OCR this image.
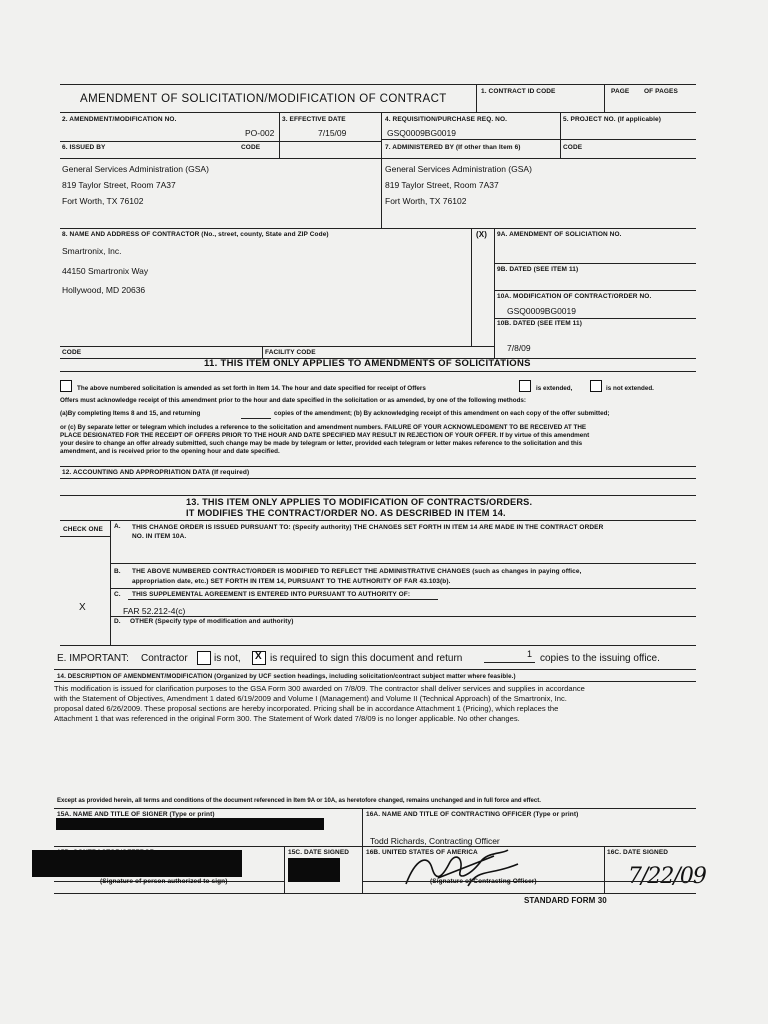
AMENDMENT OF SOLICITATION/MODIFICATION OF CONTRACT
1. CONTRACT ID CODE	PAGE OF PAGES
2. AMENDMENT/MODIFICATION NO.
PO-002
3. EFFECTIVE DATE
7/15/09
4. REQUISITION/PURCHASE REQ. NO.
GSQ0009BG0019
5. PROJECT NO. (If applicable)
6. ISSUED BY	CODE	7. ADMINISTERED BY (If other than Item 6)	CODE
General Services Administration (GSA)
819 Taylor Street, Room 7A37
Fort Worth, TX 76102
General Services Administration (GSA)
819 Taylor Street, Room 7A37
Fort Worth, TX 76102
8. NAME AND ADDRESS OF CONTRACTOR (No., street, county, State and ZIP Code)
Smartronix, Inc.
44150 Smartronix Way
Hollywood, MD 20636
(X) 9A. AMENDMENT OF SOLICIATION NO.
9B. DATED (SEE ITEM 11)
10A. MODIFICATION OF CONTRACT/ORDER NO.
GSQ0009BG0019
10B. DATED (SEE ITEM 11)
7/8/09
CODE	FACILITY CODE
11. THIS ITEM ONLY APPLIES TO AMENDMENTS OF SOLICITATIONS
The above numbered solicitation is amended as set forth in Item 14. The hour and date specified for receipt of Offers	is extended,	is not extended.
Offers must acknowledge receipt of this amendment prior to the hour and date specified in the solicitation or as amended, by one of the following methods:
(a)By completing Items 8 and 15, and returning	copies of the amendment; (b) By acknowledging receipt of this amendment on each copy of the offer submitted;
or (c) By separate letter or telegram which includes a reference to the solicitation and amendment numbers. FAILURE OF YOUR ACKNOWLEDGMENT TO BE RECEIVED AT THE
PLACE DESIGNATED FOR THE RECEIPT OF OFFERS PRIOR TO THE HOUR AND DATE SPECIFIED MAY RESULT IN REJECTION OF YOUR OFFER. If by virtue of this amendment
your desire to change an offer already submitted, such change may be made by telegram or letter, provided each telegram or letter makes reference to the solicitation and this
amendment, and is received prior to the opening hour and date specified.
12. ACCOUNTING AND APPROPRIATION DATA (If required)
13. THIS ITEM ONLY APPLIES TO MODIFICATION OF CONTRACTS/ORDERS.
IT MODIFIES THE CONTRACT/ORDER NO. AS DESCRIBED IN ITEM 14.
CHECK ONE A. THIS CHANGE ORDER IS ISSUED PURSUANT TO: (Specify authority) THE CHANGES SET FORTH IN ITEM 14 ARE MADE IN THE CONTRACT ORDER
NO. IN ITEM 10A.
B. THE ABOVE NUMBERED CONTRACT/ORDER IS MODIFIED TO REFLECT THE ADMINISTRATIVE CHANGES (such as changes in paying office,
appropriation date, etc.) SET FORTH IN ITEM 14, PURSUANT TO THE AUTHORITY OF FAR 43.103(b).
C. THIS SUPPLEMENTAL AGREEMENT IS ENTERED INTO PURSUANT TO AUTHORITY OF:
X	FAR 52.212-4(c)
D. OTHER (Specify type of modification and authority)
E. IMPORTANT: Contractor	is not, X is required to sign this document and return	1 copies to the issuing office.
14. DESCRIPTION OF AMENDMENT/MODIFICATION (Organized by UCF section headings, including solicitation/contract subject matter where feasible.)
This modification is issued for clarification purposes to the GSA Form 300 awarded on 7/8/09. The contractor shall deliver services and supplies in accordance
with the Statement of Objectives, Amendment 1 dated 6/19/2009 and Volume I (Management) and Volume II (Technical Approach) of the Smartronix, Inc.
proposal dated 6/26/2009. These proposal sections are hereby incorporated. Pricing shall be in accordance Attachment 1 (Pricing), which replaces the
Attachment 1 that was referenced in the original Form 300. The Statement of Work dated 7/8/09 is no longer applicable. No other changes.
Except as provided herein, all terms and conditions of the document referenced in Item 9A or 10A, as heretofore changed, remains unchanged and in full force and effect.
15A. NAME AND TITLE OF SIGNER (Type or print)	16A. NAME AND TITLE OF CONTRACTING OFFICER (Type or print)
Todd Richards, Contracting Officer
15C. DATE SIGNED	16B. UNITED STATES OF AMERICA	16C. DATE SIGNED
7/22/09
(Signature of person authorized to sign)	(Signature of Contracting Officer)
STANDARD FORM 30
